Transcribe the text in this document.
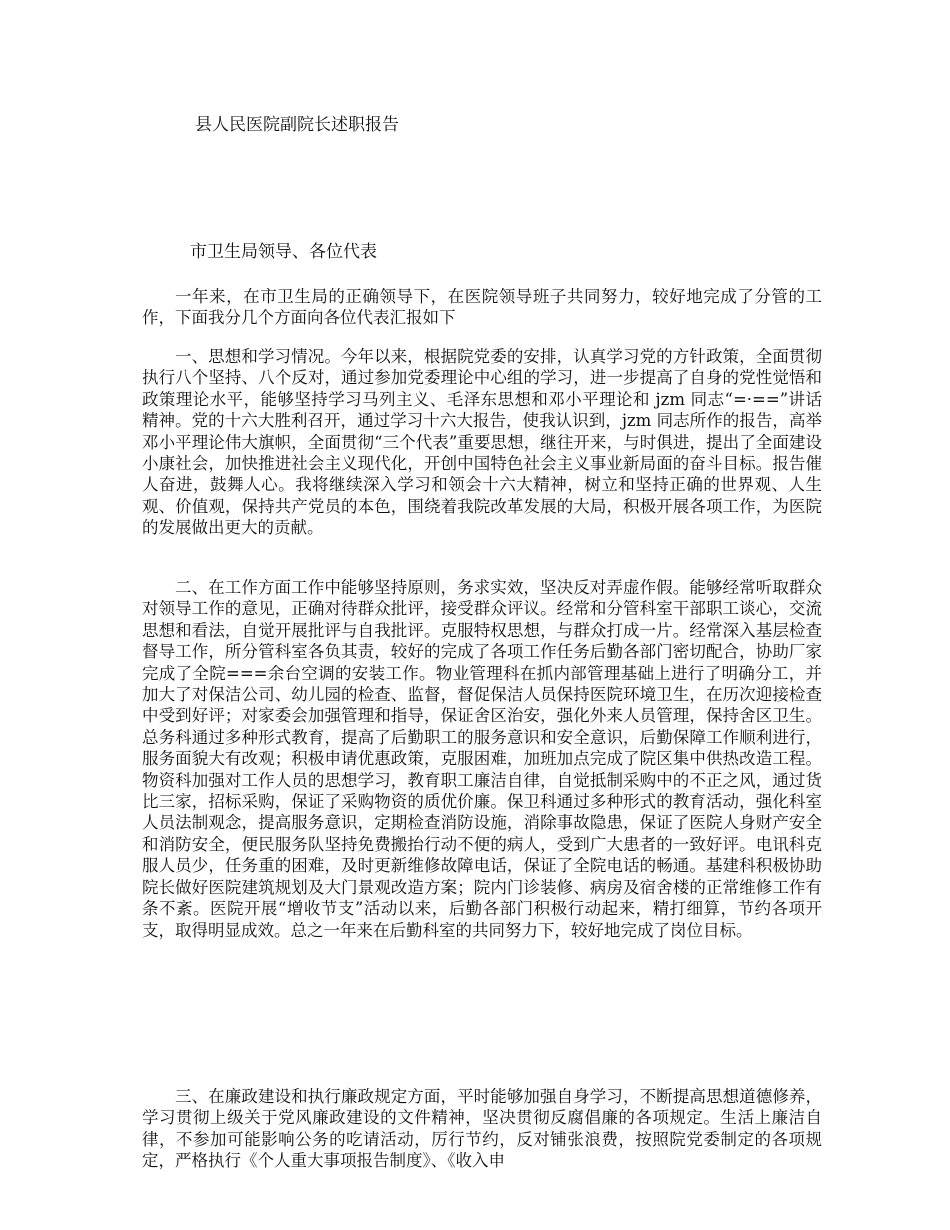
县人民医院副院长述职报告
市卫生局领导、各位代表

一年来，在市卫生局的正确领导下，在医院领导班子共同努力，较好地完成了分管的工作，下面我分几个方面向各位代表汇报如下

一、思想和学习情况。今年以来，根据院党委的安排，认真学习党的方针政策，全面贯彻执行八个坚持、八个反对，通过参加党委理论中心组的学习，进一步提高了自身的党性觉悟和政策理论水平，能够坚持学习马列主义、毛泽东思想和邓小平理论和 jzm 同志“=·==”讲话精神。党的十六大胜利召开，通过学习十六大报告，使我认识到，jzm 同志所作的报告，高举邓小平理论伟大旗帜，全面贯彻“三个代表”重要思想，继往开来，与时俱进，提出了全面建设小康社会，加快推进社会主义现代化，开创中国特色社会主义事业新局面的奋斗目标。报告催人奋进，鼓舞人心。我将继续深入学习和领会十六大精神，树立和坚持正确的世界观、人生观、价值观，保持共产党员的本色，围绕着我院改革发展的大局，积极开展各项工作，为医院的发展做出更大的贡献。

二、在工作方面工作中能够坚持原则，务求实效，坚决反对弄虚作假。能够经常听取群众对领导工作的意见，正确对待群众批评，接受群众评议。经常和分管科室干部职工谈心，交流思想和看法，自觉开展批评与自我批评。克服特权思想，与群众打成一片。经常深入基层检查督导工作，所分管科室各负其责，较好的完成了各项工作任务后勤各部门密切配合，协助厂家完成了全院===余台空调的安装工作。物业管理科在抓内部管理基础上进行了明确分工，并加大了对保洁公司、幼儿园的检查、监督，督促保洁人员保持医院环境卫生，在历次迎接检查中受到好评；对家委会加强管理和指导，保证舍区治安，强化外来人员管理，保持舍区卫生。总务科通过多种形式教育，提高了后勤职工的服务意识和安全意识，后勤保障工作顺利进行，服务面貌大有改观；积极申请优惠政策，克服困难，加班加点完成了院区集中供热改造工程。物资科加强对工作人员的思想学习，教育职工廉洁自律，自觉抵制采购中的不正之风，通过货比三家，招标采购，保证了采购物资的质优价廉。保卫科通过多种形式的教育活动，强化科室人员法制观念，提高服务意识，定期检查消防设施，消除事故隐患，保证了医院人身财产安全和消防安全，便民服务队坚持免费搬抬行动不便的病人，受到广大患者的一致好评。电讯科克服人员少，任务重的困难，及时更新维修故障电话，保证了全院电话的畅通。基建科积极协助院长做好医院建筑规划及大门景观改造方案；院内门诊装修、病房及宿舍楼的正常维修工作有条不紊。医院开展“增收节支”活动以来，后勤各部门积极行动起来，精打细算，节约各项开支，取得明显成效。总之一年来在后勤科室的共同努力下，较好地完成了岗位目标。

三、在廉政建设和执行廉政规定方面，平时能够加强自身学习，不断提高思想道德修养，学习贯彻上级关于党风廉政建设的文件精神，坚决贯彻反腐倡廉的各项规定。生活上廉洁自律，不参加可能影响公务的吃请活动，厉行节约，反对铺张浪费，按照院党委制定的各项规定，严格执行《个人重大事项报告制度》、《收入申
